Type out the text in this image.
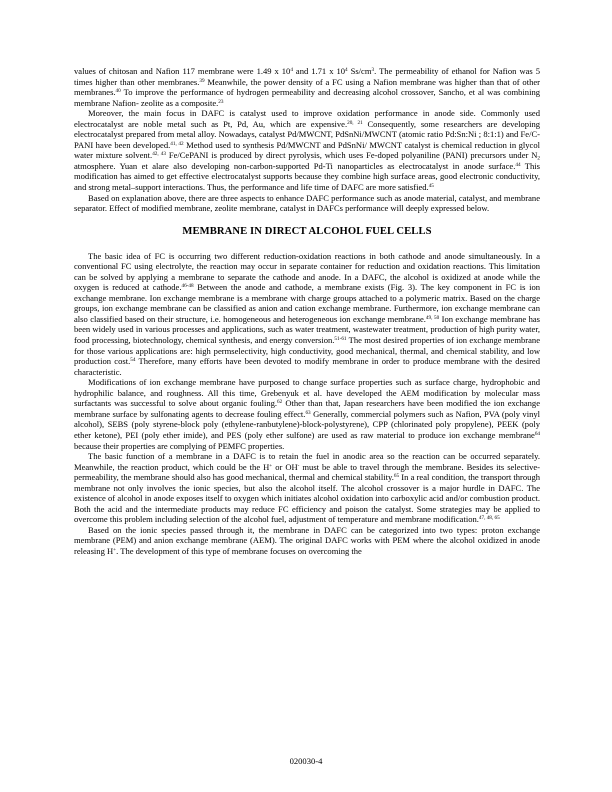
values of chitosan and Nafion 117 membrane were 1.49 x $10^4$ and 1.71 x $10^4$ $Ss/cm^3$. The permeability of ethanol for Nafion was 5 times higher than other membranes.$^{39}$ Meanwhile, the power density of a FC using a Nafion membrane was higher than that of other membranes.$^{40}$ To improve the performance of hydrogen permeability and decreasing alcohol crossover, Sancho, et al was combining membrane Nafion- zeolite as a composite.$^{23}$

Moreover, the main focus in DAFC is catalyst used to improve oxidation performance in anode side. Commonly used electrocatalyst are noble metal such as Pt, Pd, Au, which are expensive.$^{20, 21}$ Consequently, some researchers are developing electrocatalyst prepared from metal alloy. Nowadays, catalyst Pd/MWCNT, PdSnNi/MWCNT (atomic ratio Pd:Sn:Ni ; 8:1:1) and Fe/C-PANI have been developed.$^{41, 42}$ Method used to synthesis Pd/MWCNT and PdSnNi/ MWCNT catalyst is chemical reduction in glycol water mixture solvent.$^{42, 43}$ Fe/CePANI is produced by direct pyrolysis, which uses Fe-doped polyaniline (PANI) precursors under $N_2$ atmosphere. Yuan et alare also developing non-carbon-supported Pd-Ti nanoparticles as electrocatalyst in anode surface.$^{44}$ This modification has aimed to get effective electrocatalyst supports because they combine high surface areas, good electronic conductivity, and strong metal–support interactions. Thus, the performance and life time of DAFC are more satisfied.$^{45}$

Based on explanation above, there are three aspects to enhance DAFC performance such as anode material, catalyst, and membrane separator. Effect of modified membrane, zeolite membrane, catalyst in DAFCs performance will deeply expressed below.

MEMBRANE IN DIRECT ALCOHOL FUEL CELLS

The basic idea of FC is occurring two different reduction-oxidation reactions in both cathode and anode simultaneously. In a conventional FC using electrolyte, the reaction may occur in separate container for reduction and oxidation reactions. This limitation can be solved by applying a membrane to separate the cathode and anode. In a DAFC, the alcohol is oxidized at anode while the oxygen is reduced at cathode.$^{46-48}$ Between the anode and cathode, a membrane exists (Fig. 3). The key component in FC is ion exchange membrane. Ion exchange membrane is a membrane with charge groups attached to a polymeric matrix. Based on the charge groups, ion exchange membrane can be classified as anion and cation exchange membrane. Furthermore, ion exchange membrane can also classified based on their structure, i.e. homogeneous and heterogeneous ion exchange membrane.$^{49, 50}$ Ion exchange membrane has been widely used in various processes and applications, such as water treatment, wastewater treatment, production of high purity water, food processing, biotechnology, chemical synthesis, and energy conversion.$^{51-61}$ The most desired properties of ion exchange membrane for those various applications are: high permselectivity, high conductivity, good mechanical, thermal, and chemical stability, and low production cost.$^{54}$ Therefore, many efforts have been devoted to modify membrane in order to produce membrane with the desired characteristic.

Modifications of ion exchange membrane have purposed to change surface properties such as surface charge, hydrophobic and hydrophilic balance, and roughness. All this time, Grebenyuk et al. have developed the AEM modification by molecular mass surfactants was successful to solve about organic fouling.$^{62}$ Other than that, Japan researchers have been modified the ion exchange membrane surface by sulfonating agents to decrease fouling effect.$^{63}$ Generally, commercial polymers such as Nafion, PVA (poly vinyl alcohol), SEBS (poly styrene-block poly (ethylene-ranbutylene)-block-polystyrene), CPP (chlorinated poly propylene), PEEK (poly ether ketone), PEI (poly ether imide), and PES (poly ether sulfone) are used as raw material to produce ion exchange membrane$^{64}$ because their properties are complying of PEMFC properties.

The basic function of a membrane in a DAFC is to retain the fuel in anodic area so the reaction can be occurred separately. Meanwhile, the reaction product, which could be the H+ or OH- must be able to travel through the membrane. Besides its selective-permeability, the membrane should also has good mechanical, thermal and chemical stability.$^{65}$ In a real condition, the transport through membrane not only involves the ionic species, but also the alcohol itself. The alcohol crossover is a major hurdle in DAFC. The existence of alcohol in anode exposes itself to oxygen which initiates alcohol oxidation into carboxylic acid and/or combustion product. Both the acid and the intermediate products may reduce FC efficiency and poison the catalyst. Some strategies may be applied to overcome this problem including selection of the alcohol fuel, adjustment of temperature and membrane modification.$^{47, 48, 65}$

Based on the ionic species passed through it, the membrane in DAFC can be categorized into two types: proton exchange membrane (PEM) and anion exchange membrane (AEM). The original DAFC works with PEM where the alcohol oxidized in anode releasing H+. The development of this type of membrane focuses on overcoming the

020030-4
